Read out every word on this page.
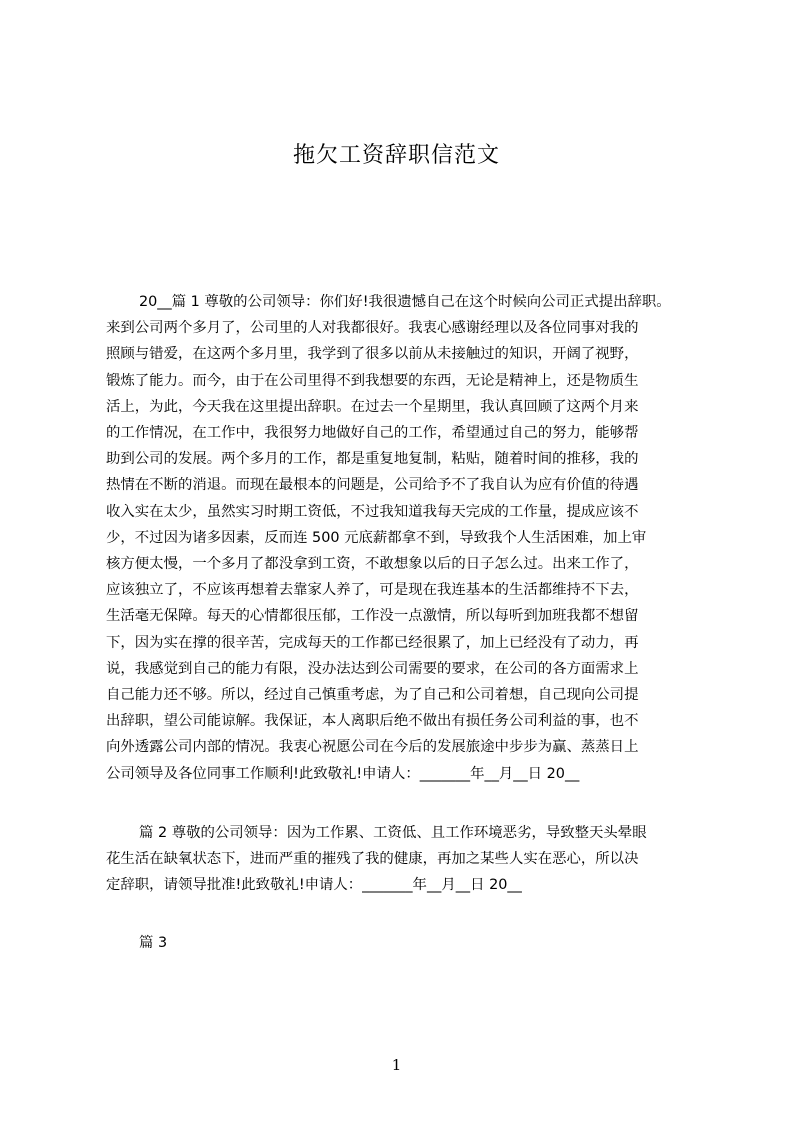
拖欠工资辞职信范文
20__篇 1 尊敬的公司领导：你们好!我很遗憾自己在这个时候向公司正式提出辞职。
来到公司两个多月了，公司里的人对我都很好。我衷心感谢经理以及各位同事对我的
照顾与错爱，在这两个多月里，我学到了很多以前从未接触过的知识，开阔了视野，
锻炼了能力。而今，由于在公司里得不到我想要的东西，无论是精神上，还是物质生
活上，为此，今天我在这里提出辞职。在过去一个星期里，我认真回顾了这两个月来
的工作情况，在工作中，我很努力地做好自己的工作，希望通过自己的努力，能够帮
助到公司的发展。两个多月的工作，都是重复地复制，粘贴，随着时间的推移，我的
热情在不断的消退。而现在最根本的问题是，公司给予不了我自认为应有价值的待遇
收入实在太少，虽然实习时期工资低，不过我知道我每天完成的工作量，提成应该不
少，不过因为诸多因素，反而连 500 元底薪都拿不到，导致我个人生活困难，加上审
核方便太慢，一个多月了都没拿到工资，不敢想象以后的日子怎么过。出来工作了，
应该独立了，不应该再想着去靠家人养了，可是现在我连基本的生活都维持不下去，
生活毫无保障。每天的心情都很压郁，工作没一点激情，所以每听到加班我都不想留
下，因为实在撑的很辛苦，完成每天的工作都已经很累了，加上已经没有了动力，再
说，我感觉到自己的能力有限，没办法达到公司需要的要求，在公司的各方面需求上
自己能力还不够。所以，经过自己慎重考虑，为了自己和公司着想，自己现向公司提
出辞职，望公司能谅解。我保证，本人离职后绝不做出有损任务公司利益的事，也不
向外透露公司内部的情况。我衷心祝愿公司在今后的发展旅途中步步为赢、蒸蒸日上
公司领导及各位同事工作顺利!此致敬礼!申请人：_______年__月__日 20__
篇 2 尊敬的公司领导：因为工作累、工资低、且工作环境恶劣，导致整天头晕眼
花生活在缺氧状态下，进而严重的摧残了我的健康，再加之某些人实在恶心，所以决
定辞职，请领导批准!此致敬礼!申请人：_______年__月__日 20__
篇 3
1
